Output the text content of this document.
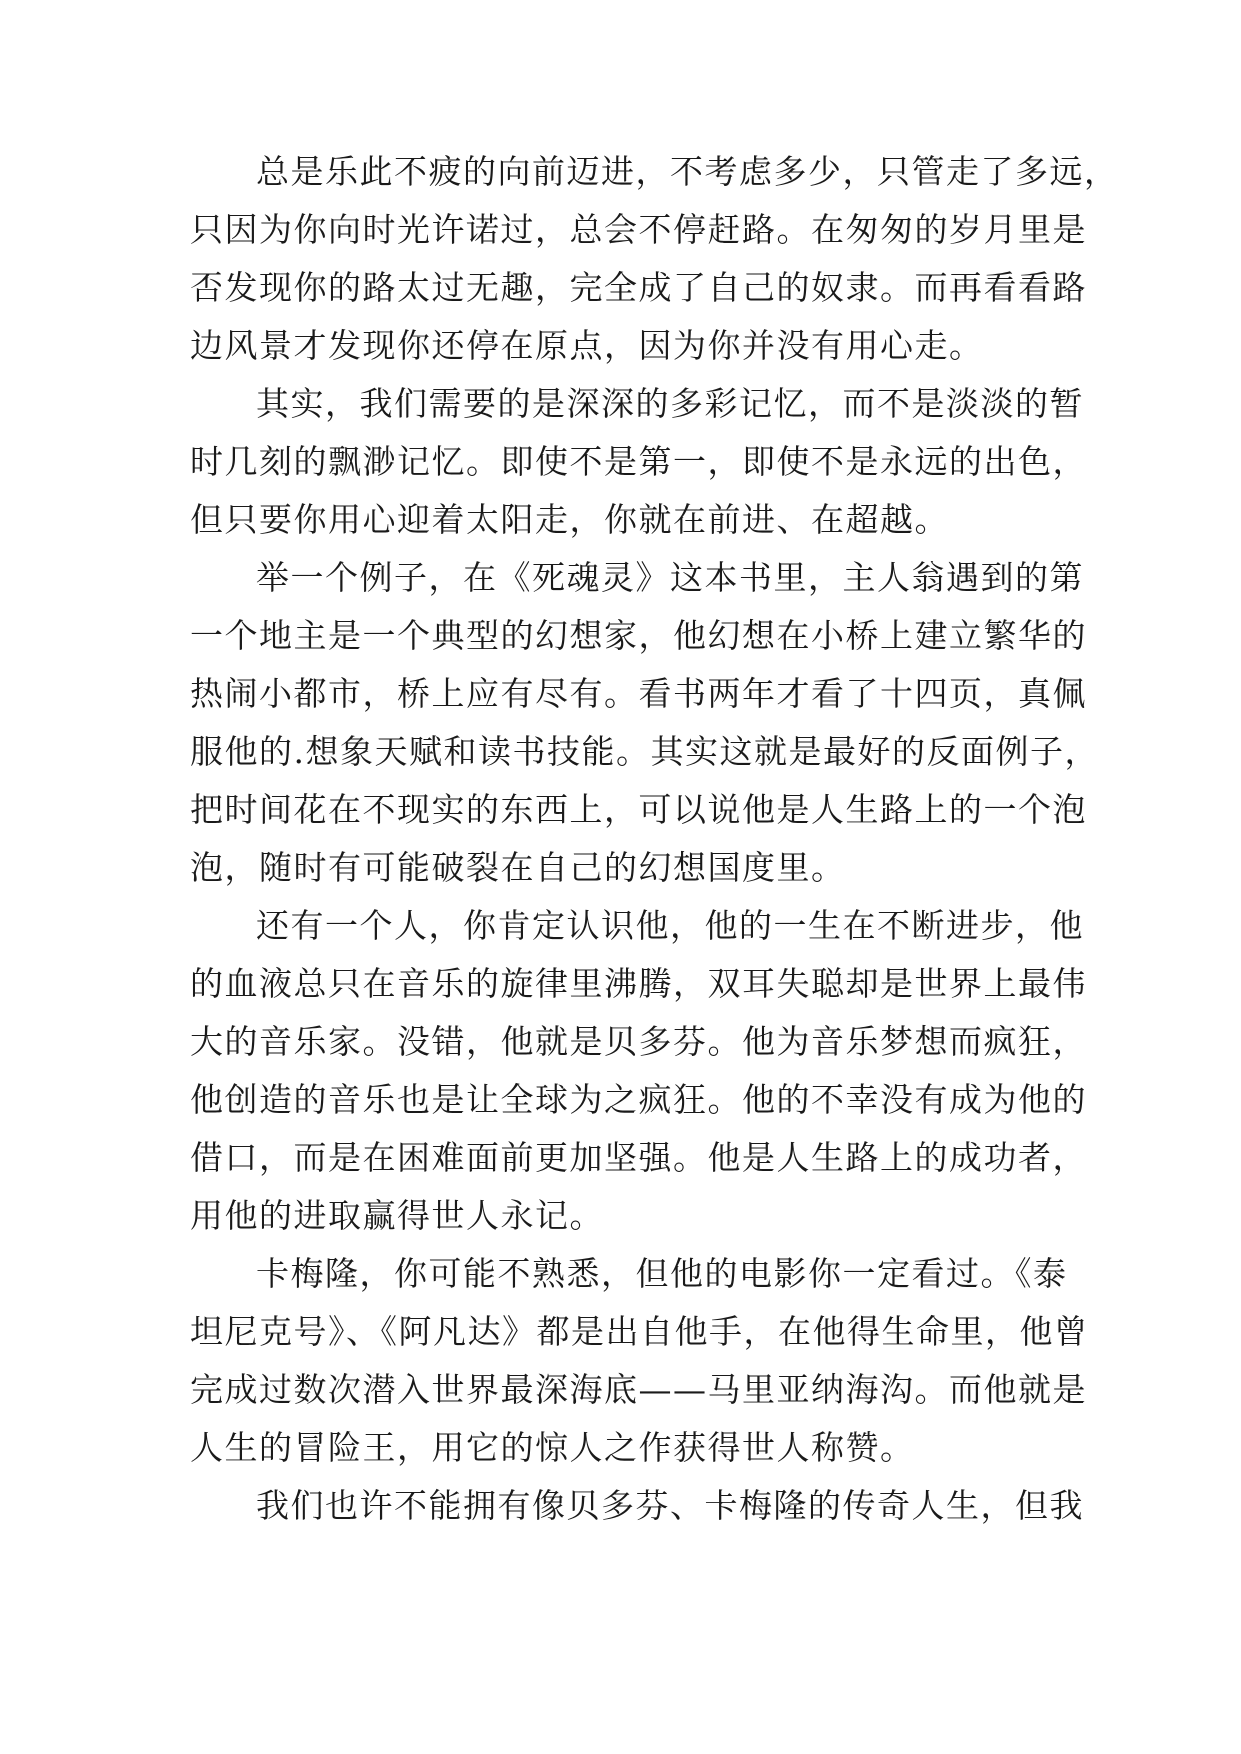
总是乐此不疲的向前迈进，不考虑多少，只管走了多远，
只因为你向时光许诺过，总会不停赶路。在匆匆的岁月里是
否发现你的路太过无趣，完全成了自己的奴隶。而再看看路
边风景才发现你还停在原点，因为你并没有用心走。
其实，我们需要的是深深的多彩记忆，而不是淡淡的暂
时几刻的飘渺记忆。即使不是第一，即使不是永远的出色，
但只要你用心迎着太阳走，你就在前进、在超越。
举一个例子，在《死魂灵》这本书里，主人翁遇到的第
一个地主是一个典型的幻想家，他幻想在小桥上建立繁华的
热闹小都市，桥上应有尽有。看书两年才看了十四页，真佩
服他的.想象天赋和读书技能。其实这就是最好的反面例子，
把时间花在不现实的东西上，可以说他是人生路上的一个泡
泡，随时有可能破裂在自己的幻想国度里。
还有一个人，你肯定认识他，他的一生在不断进步，他
的血液总只在音乐的旋律里沸腾，双耳失聪却是世界上最伟
大的音乐家。没错，他就是贝多芬。他为音乐梦想而疯狂，
他创造的音乐也是让全球为之疯狂。他的不幸没有成为他的
借口，而是在困难面前更加坚强。他是人生路上的成功者，
用他的进取赢得世人永记。
卡梅隆，你可能不熟悉，但他的电影你一定看过。《泰
坦尼克号》、《阿凡达》都是出自他手，在他得生命里，他曾
完成过数次潜入世界最深海底——马里亚纳海沟。而他就是
人生的冒险王，用它的惊人之作获得世人称赞。
我们也许不能拥有像贝多芬、卡梅隆的传奇人生，但我
